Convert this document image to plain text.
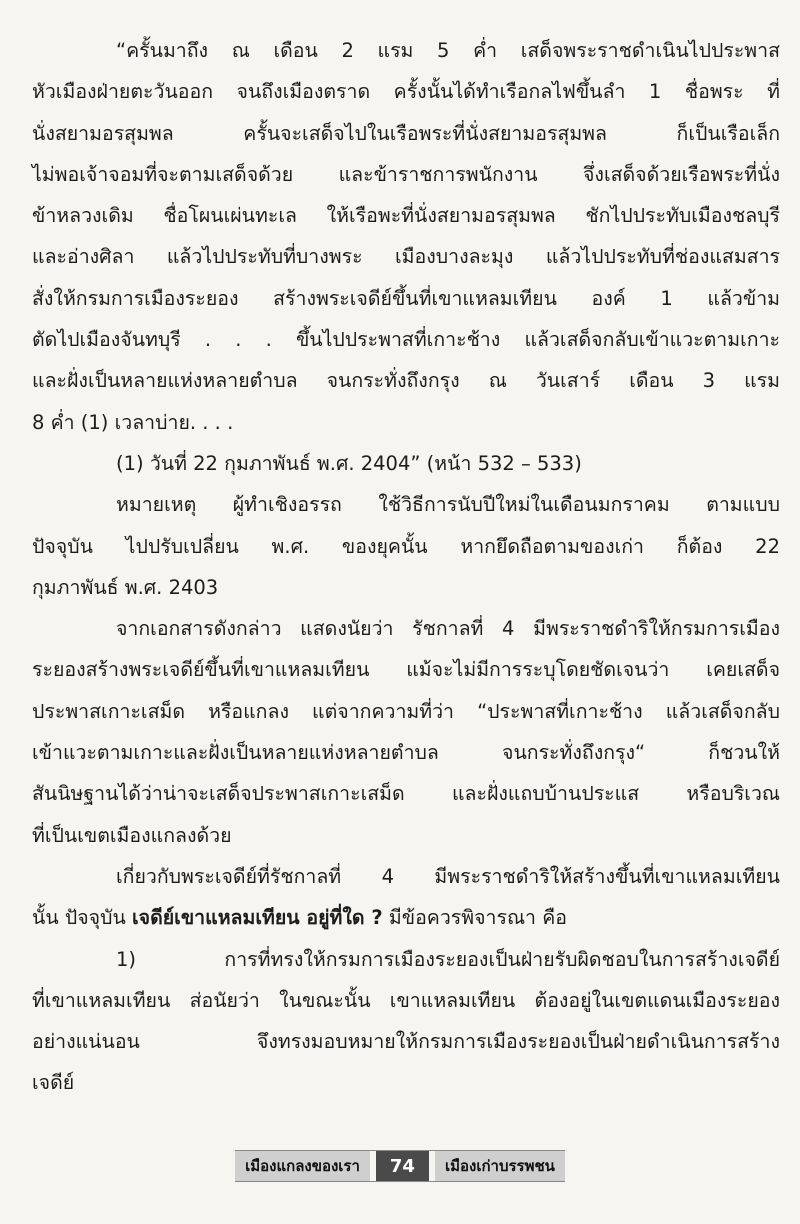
“ครั้นมาถึง ณ เดือน 2 แรม 5 ค่ำ เสด็จพระราชดำเนินไปประพาส
หัวเมืองฝ่ายตะวันออก จนถึงเมืองตราด ครั้งนั้นได้ทำเรือกลไฟขึ้นลำ 1 ชื่อพระ ที่
นั่งสยามอรสุมพล ครั้นจะเสด็จไปในเรือพระที่นั่งสยามอรสุมพล ก็เป็นเรือเล็ก
ไม่พอเจ้าจอมที่จะตามเสด็จด้วย และข้าราชการพนักงาน จึ่งเสด็จด้วยเรือพระที่นั่ง
ข้าหลวงเดิม ชื่อโผนเผ่นทะเล ให้เรือพะที่นั่งสยามอรสุมพล ชักไปประทับเมืองชลบุรี
และอ่างศิลา แล้วไปประทับที่บางพระ เมืองบางละมุง แล้วไปประทับที่ช่องแสมสาร
สั่งให้กรมการเมืองระยอง สร้างพระเจดีย์ขึ้นที่เขาแหลมเทียน องค์ 1 แล้วข้าม
ตัดไปเมืองจันทบุรี . . . ขึ้นไปประพาสที่เกาะช้าง แล้วเสด็จกลับเข้าแวะตามเกาะ
และฝั่งเป็นหลายแห่งหลายตำบล จนกระทั่งถึงกรุง ณ วันเสาร์ เดือน 3 แรม
8 ค่ำ (1) เวลาบ่าย. . . .

(1) วันที่ 22 กุมภาพันธ์ พ.ศ. 2404” (หน้า 532 – 533)

หมายเหตุ ผู้ทำเชิงอรรถ ใช้วิธีการนับปีใหม่ในเดือนมกราคม ตามแบบ
ปัจจุบัน ไปปรับเปลี่ยน พ.ศ. ของยุคนั้น หากยึดถือตามของเก่า ก็ต้อง 22
กุมภาพันธ์ พ.ศ. 2403

จากเอกสารดังกล่าว แสดงนัยว่า รัชกาลที่ 4 มีพระราชดำริให้กรมการเมือง
ระยองสร้างพระเจดีย์ขึ้นที่เขาแหลมเทียน แม้จะไม่มีการระบุโดยชัดเจนว่า เคยเสด็จ
ประพาสเกาะเสม็ด หรือแกลง แต่จากความที่ว่า “ประพาสที่เกาะช้าง แล้วเสด็จกลับ
เข้าแวะตามเกาะและฝั่งเป็นหลายแห่งหลายตำบล จนกระทั่งถึงกรุง“ ก็ชวนให้
สันนิษฐานได้ว่าน่าจะเสด็จประพาสเกาะเสม็ด และฝั่งแถบบ้านประแส หรือบริเวณ
ที่เป็นเขตเมืองแกลงด้วย

เกี่ยวกับพระเจดีย์ที่รัชกาลที่ 4 มีพระราชดำริให้สร้างขึ้นที่เขาแหลมเทียน
นั้น ปัจจุบัน เจดีย์เขาแหลมเทียน อยู่ที่ใด ? มีข้อควรพิจารณา คือ

1) การที่ทรงให้กรมการเมืองระยองเป็นฝ่ายรับผิดชอบในการสร้างเจดีย์
ที่เขาแหลมเทียน ส่อนัยว่า ในขณะนั้น เขาแหลมเทียน ต้องอยู่ในเขตแดนเมืองระยอง
อย่างแน่นอน จึงทรงมอบหมายให้กรมการเมืองระยองเป็นฝ่ายดำเนินการสร้าง
เจดีย์

เมืองแกลงของเรา	74	เมืองเก่าบรรพชน
